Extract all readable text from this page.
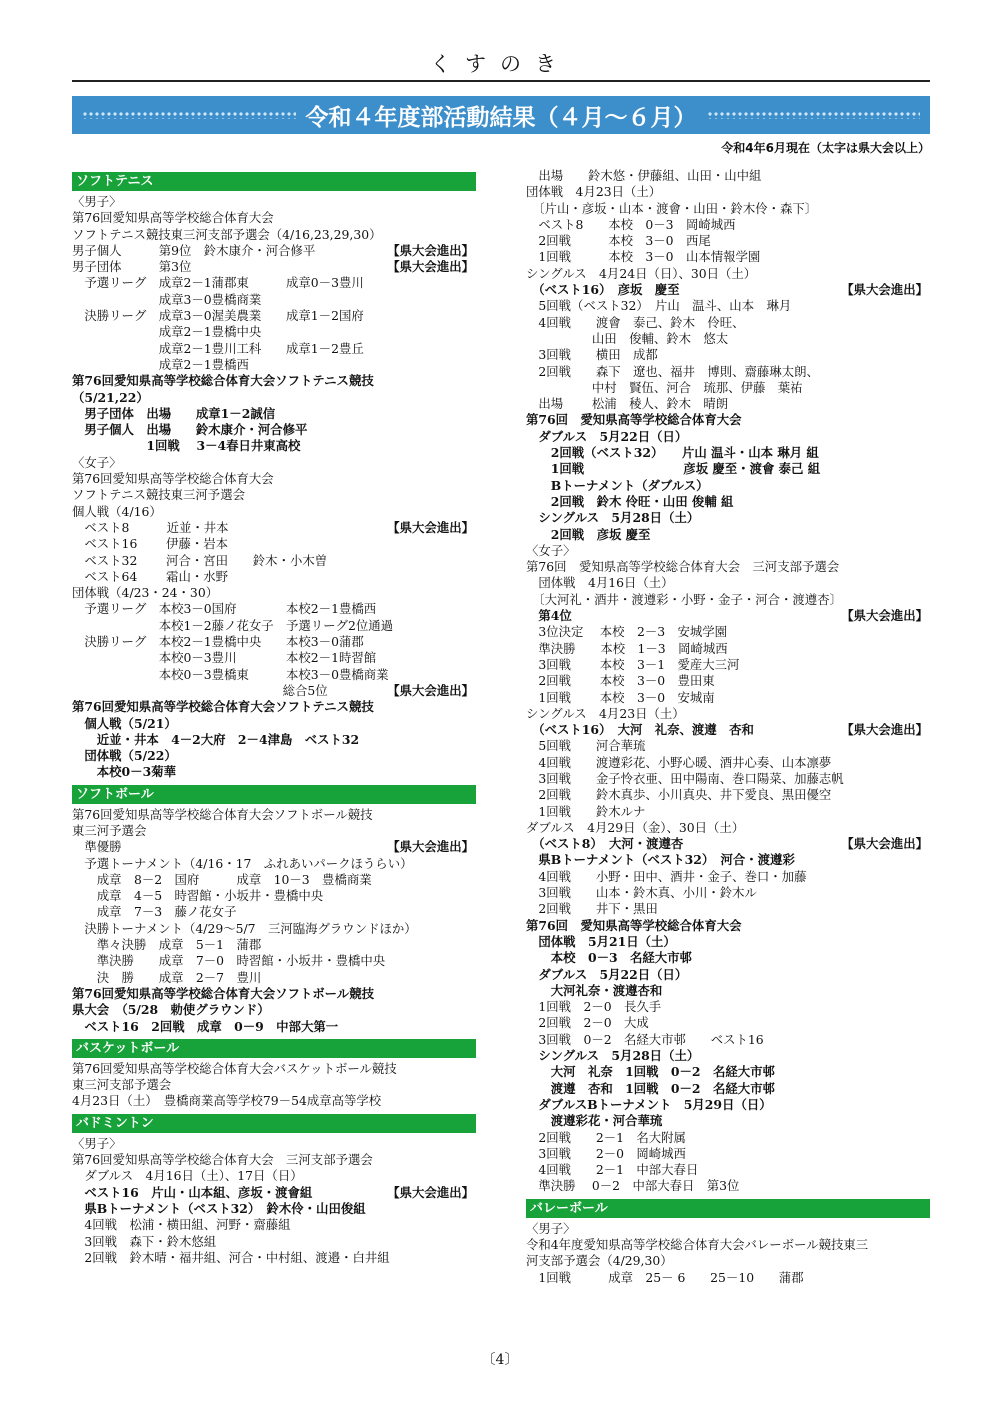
くすのき
令和４年度部活動結果（４月～６月）
令和4年6月現在（太字は県大会以上）
ソフトテニス
〈男子〉
第76回愛知県高等学校総合体育大会
ソフトテニス競技東三河支部予選会（4/16,23,29,30）
男子個人　　　第9位　鈴木康介・河合修平	【県大会進出】
男子団体　　　第3位	【県大会進出】
　予選リーグ　成章2－1蒲郡東　　　成章0－3豊川
　　　　　　　成章3－0豊橋商業
　決勝リーグ　成章3－0渥美農業　　成章1－2国府
　　　　　　　成章2－1豊橋中央
　　　　　　　成章2－1豊川工科　　成章1－2豊丘
　　　　　　　成章2－1豊橋西
第76回愛知県高等学校総合体育大会ソフトテニス競技
（5/21,22）
　男子団体　出場　　成章1－2誠信
　男子個人　出場　　鈴木康介・河合修平
　　　　　　1回戦　 3－4春日井東高校
〈女子〉
第76回愛知県高等学校総合体育大会
ソフトテニス競技東三河予選会
個人戦（4/16）
　ベスト8　　　近並・井本	【県大会進出】
　ベスト16　　 伊藤・岩本
　ベスト32　　 河合・宮田　　鈴木・小木曽
　ベスト64　　 霜山・水野
団体戦（4/23・24・30）
　予選リーグ　本校3－0国府　　　　本校2－1豊橋西
　　　　　　　本校1－2藤ノ花女子　予選リーグ2位通過
　決勝リーグ　本校2－1豊橋中央　　本校3－0蒲郡
　　　　　　　本校0－3豊川　　　　本校2－1時習館
　　　　　　　本校0－3豊橋東　　　本校3－0豊橋商業
　　　　　　　　　　　　　　　　　総合5位	【県大会進出】
第76回愛知県高等学校総合体育大会ソフトテニス競技
　個人戦（5/21）
　　近並・井本　4－2大府　2－4津島　ベスト32
　団体戦（5/22）
　　本校0－3菊華
ソフトボール
第76回愛知県高等学校総合体育大会ソフトボール競技
東三河予選会
　準優勝	【県大会進出】
　予選トーナメント（4/16・17　ふれあいパークほうらい）
　　成章　8－2　国府　　　成章　10－3　豊橋商業
　　成章　4－5　時習館・小坂井・豊橋中央
　　成章　7－3　藤ノ花女子
　決勝トーナメント（4/29～5/7　三河臨海グラウンドほか）
　　準々決勝　成章　5－1　蒲郡
　　準決勝　　成章　7－0　時習館・小坂井・豊橋中央
　　決　勝　　成章　2－7　豊川
第76回愛知県高等学校総合体育大会ソフトボール競技
県大会　（5/28　勅使グラウンド）
　ベスト16　2回戦　成章　0－9　中部大第一
バスケットボール
第76回愛知県高等学校総合体育大会バスケットボール競技
東三河支部予選会
4月23日（土）　豊橋商業高等学校79－54成章高等学校
バドミントン
〈男子〉
第76回愛知県高等学校総合体育大会　三河支部予選会
　ダブルス　4月16日（土）、17日（日）
　ベスト16　片山・山本組、彦坂・渡會組	【県大会進出】
　県Bトーナメント（ベスト32）　鈴木伶・山田俊組
　4回戦　松浦・横田組、河野・齋藤組
　3回戦　森下・鈴木悠組
　2回戦　鈴木晴・福井組、河合・中村組、渡邉・白井組
　出場　　鈴木悠・伊藤組、山田・山中組
団体戦　4月23日（土）
　〔片山・彦坂・山本・渡會・山田・鈴木伶・森下〕
　ベスト8　　本校　0－3　岡崎城西
　2回戦　　　本校　3－0　西尾
　1回戦　　　本校　3－0　山本情報学園
シングルス　4月24日（日）、30日（土）
　（ベスト16）　彦坂　慶至	【県大会進出】
　5回戦（ベスト32）　片山　温斗、山本　琳月
　4回戦　　渡會　泰己、鈴木　伶旺、
　　　　　 山田　俊輔、鈴木　悠太
　3回戦　　横田　成都
　2回戦　　森下　遼也、福井　博則、齋藤琳太朗、
　　　　　 中村　賢伍、河合　琉那、伊藤　葉祐
　出場　　 松浦　稜人、鈴木　晴朗
第76回　愛知県高等学校総合体育大会
　ダブルス　5月22日（日）
　　2回戦（ベスト32）　　片山 温斗・山本 琳月 組
　　1回戦　　　　　　　　彦坂 慶至・渡會 泰己 組
　　Bトーナメント（ダブルス）
　　2回戦　鈴木 伶旺・山田 俊輔 組
　シングルス　5月28日（土）
　　2回戦　彦坂 慶至
〈女子〉
第76回　愛知県高等学校総合体育大会　三河支部予選会
　団体戦　4月16日（土）
　〔大河礼・酒井・渡遵彩・小野・金子・河合・渡遵杏〕
　第4位	【県大会進出】
　3位決定　 本校　2－3　安城学園
　準決勝　　本校　1－3　岡崎城西
　3回戦　　 本校　3－1　愛産大三河
　2回戦　　 本校　3－0　豊田東
　1回戦　　 本校　3－0　安城南
シングルス　4月23日（土）
　（ベスト16）　大河　礼奈、渡遵　杏和	【県大会進出】
　5回戦　　河合華琉
　4回戦　　渡遵彩花、小野心暖、酒井心奏、山本凛夢
　3回戦　　金子怜衣亜、田中陽南、巻口陽菜、加藤志帆
　2回戦　　鈴木真歩、小川真央、井下愛良、黒田優空
　1回戦　　鈴木ルナ
ダブルス　4月29日（金）、30日（土）
　（ベスト8）　大河・渡遵杏	【県大会進出】
　県Bトーナメント（ベスト32）　河合・渡遵彩
　4回戦　　小野・田中、酒井・金子、巻口・加藤
　3回戦　　山本・鈴木真、小川・鈴木ル
　2回戦　　井下・黒田
第76回　愛知県高等学校総合体育大会
　団体戦　5月21日（土）
　　本校　0－3　名経大市邨
　ダブルス　5月22日（日）
　　大河礼奈・渡遵杏和
　1回戦　2－0　長久手
　2回戦　2－0　大成
　3回戦　0－2　名経大市邨　　ベスト16
　シングルス　5月28日（土）
　　大河　礼奈　1回戦　0－2　名経大市邨
　　渡遵　杏和　1回戦　0－2　名経大市邨
　ダブルスBトーナメント　5月29日（日）
　　渡遵彩花・河合華琉
　2回戦　　2－1　名大附属
　3回戦　　2－0　岡崎城西
　4回戦　　2－1　中部大春日
　準決勝　 0－2　中部大春日　第3位
バレーボール
〈男子〉
令和4年度愛知県高等学校総合体育大会バレーボール競技東三
河支部予選会（4/29,30）
　1回戦　　　成章　25－ 6　　25－10　　蒲郡
〔4〕
